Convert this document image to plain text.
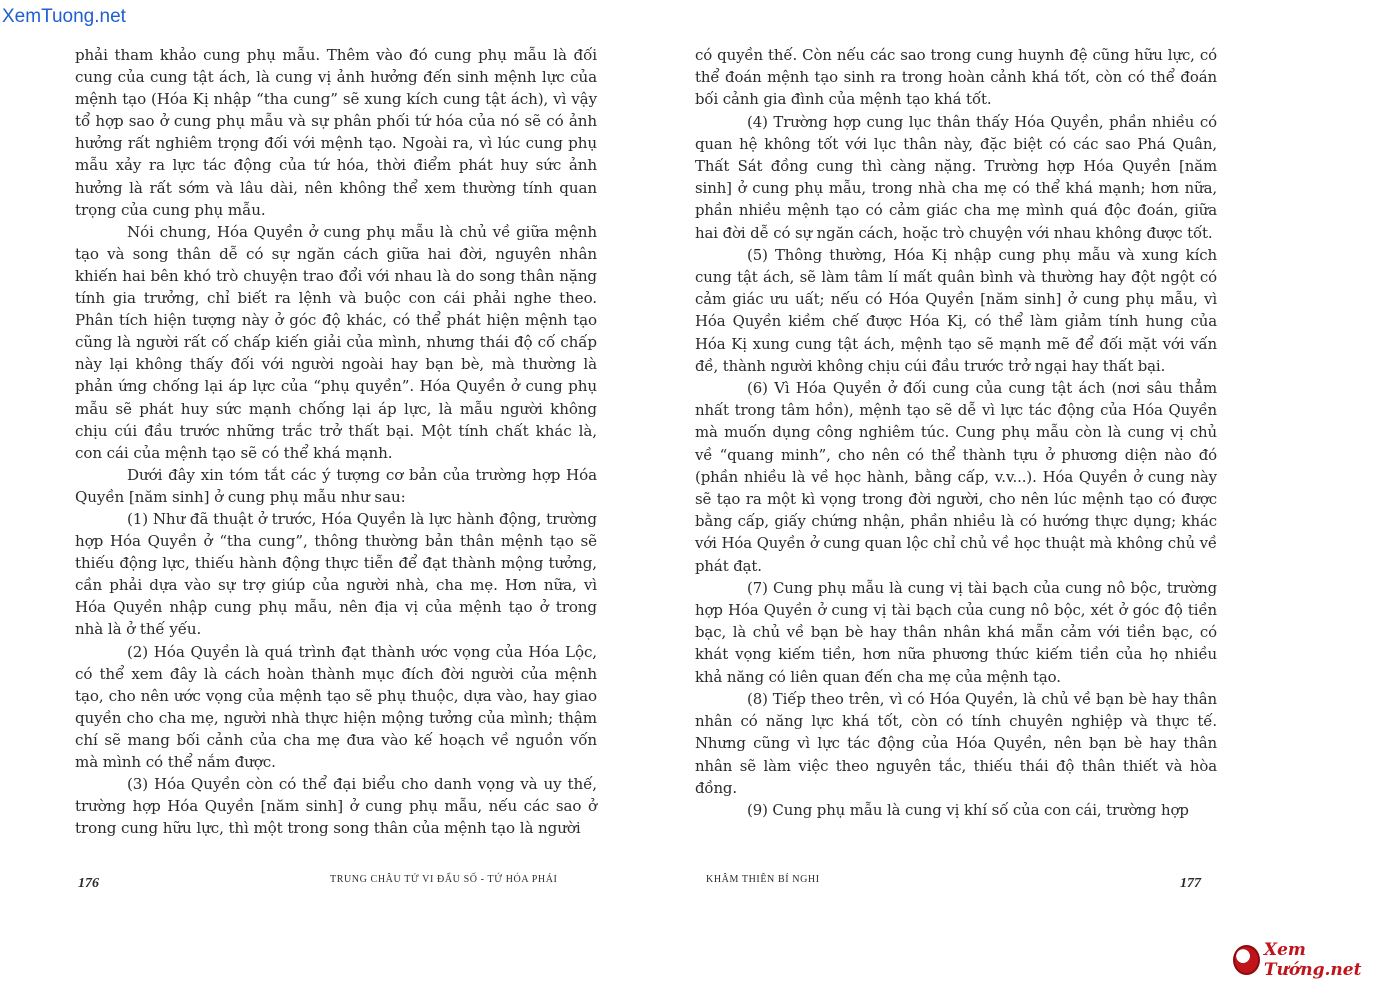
XemTuong.net

phải tham khảo cung phụ mẫu. Thêm vào đó cung phụ mẫu là đối cung của cung tật ách, là cung vị ảnh hưởng đến sinh mệnh lực của mệnh tạo (Hóa Kị nhập “tha cung” sẽ xung kích cung tật ách), vì vậy tổ hợp sao ở cung phụ mẫu và sự phân phối tứ hóa của nó sẽ có ảnh hưởng rất nghiêm trọng đối với mệnh tạo. Ngoài ra, vì lúc cung phụ mẫu xảy ra lực tác động của tứ hóa, thời điểm phát huy sức ảnh hưởng là rất sớm và lâu dài, nên không thể xem thường tính quan trọng của cung phụ mẫu.

Nói chung, Hóa Quyền ở cung phụ mẫu là chủ về giữa mệnh tạo và song thân dễ có sự ngăn cách giữa hai đời, nguyên nhân khiến hai bên khó trò chuyện trao đổi với nhau là do song thân nặng tính gia trưởng, chỉ biết ra lệnh và buộc con cái phải nghe theo. Phân tích hiện tượng này ở góc độ khác, có thể phát hiện mệnh tạo cũng là người rất cố chấp kiến giải của mình, nhưng thái độ cố chấp này lại không thấy đối với người ngoài hay bạn bè, mà thường là phản ứng chống lại áp lực của “phụ quyền”. Hóa Quyền ở cung phụ mẫu sẽ phát huy sức mạnh chống lại áp lực, là mẫu người không chịu cúi đầu trước những trắc trở thất bại. Một tính chất khác là, con cái của mệnh tạo sẽ có thể khá mạnh.

Dưới đây xin tóm tắt các ý tượng cơ bản của trường hợp Hóa Quyền [năm sinh] ở cung phụ mẫu như sau:

(1) Như đã thuật ở trước, Hóa Quyền là lực hành động, trường hợp Hóa Quyền ở “tha cung”, thông thường bản thân mệnh tạo sẽ thiếu động lực, thiếu hành động thực tiễn để đạt thành mộng tưởng, cần phải dựa vào sự trợ giúp của người nhà, cha mẹ. Hơn nữa, vì Hóa Quyền nhập cung phụ mẫu, nên địa vị của mệnh tạo ở trong nhà là ở thế yếu.

(2) Hóa Quyền là quá trình đạt thành ước vọng của Hóa Lộc, có thể xem đây là cách hoàn thành mục đích đời người của mệnh tạo, cho nên ước vọng của mệnh tạo sẽ phụ thuộc, dựa vào, hay giao quyền cho cha mẹ, người nhà thực hiện mộng tưởng của mình; thậm chí sẽ mang bối cảnh của cha mẹ đưa vào kế hoạch về nguồn vốn mà mình có thể nắm được.

(3) Hóa Quyền còn có thể đại biểu cho danh vọng và uy thế, trường hợp Hóa Quyền [năm sinh] ở cung phụ mẫu, nếu các sao ở trong cung hữu lực, thì một trong song thân của mệnh tạo là người

176	TRUNG CHÂU TỬ VI ĐẨU SỐ - TỨ HÓA PHÁI

có quyền thế. Còn nếu các sao trong cung huynh đệ cũng hữu lực, có thể đoán mệnh tạo sinh ra trong hoàn cảnh khá tốt, còn có thể đoán bối cảnh gia đình của mệnh tạo khá tốt.

(4) Trường hợp cung lục thân thấy Hóa Quyền, phần nhiều có quan hệ không tốt với lục thân này, đặc biệt có các sao Phá Quân, Thất Sát đồng cung thì càng nặng. Trường hợp Hóa Quyền [năm sinh] ở cung phụ mẫu, trong nhà cha mẹ có thể khá mạnh; hơn nữa, phần nhiều mệnh tạo có cảm giác cha mẹ mình quá độc đoán, giữa hai đời dễ có sự ngăn cách, hoặc trò chuyện với nhau không được tốt.

(5) Thông thường, Hóa Kị nhập cung phụ mẫu và xung kích cung tật ách, sẽ làm tâm lí mất quân bình và thường hay đột ngột có cảm giác ưu uất; nếu có Hóa Quyền [năm sinh] ở cung phụ mẫu, vì Hóa Quyền kiềm chế được Hóa Kị, có thể làm giảm tính hung của Hóa Kị xung cung tật ách, mệnh tạo sẽ mạnh mẽ để đối mặt với vấn đề, thành người không chịu cúi đầu trước trở ngại hay thất bại.

(6) Vì Hóa Quyền ở đối cung của cung tật ách (nơi sâu thẳm nhất trong tâm hồn), mệnh tạo sẽ dễ vì lực tác động của Hóa Quyền mà muốn dụng công nghiêm túc. Cung phụ mẫu còn là cung vị chủ về “quang minh”, cho nên có thể thành tựu ở phương diện nào đó (phần nhiều là về học hành, bằng cấp, v.v...). Hóa Quyền ở cung này sẽ tạo ra một kì vọng trong đời người, cho nên lúc mệnh tạo có được bằng cấp, giấy chứng nhận, phần nhiều là có hướng thực dụng; khác với Hóa Quyền ở cung quan lộc chỉ chủ về học thuật mà không chủ về phát đạt.

(7) Cung phụ mẫu là cung vị tài bạch của cung nô bộc, trường hợp Hóa Quyền ở cung vị tài bạch của cung nô bộc, xét ở góc độ tiền bạc, là chủ về bạn bè hay thân nhân khá mẫn cảm với tiền bạc, có khát vọng kiếm tiền, hơn nữa phương thức kiếm tiền của họ nhiều khả năng có liên quan đến cha mẹ của mệnh tạo.

(8) Tiếp theo trên, vì có Hóa Quyền, là chủ về bạn bè hay thân nhân có năng lực khá tốt, còn có tính chuyên nghiệp và thực tế. Nhưng cũng vì lực tác động của Hóa Quyền, nên bạn bè hay thân nhân sẽ làm việc theo nguyên tắc, thiếu thái độ thân thiết và hòa đồng.

(9) Cung phụ mẫu là cung vị khí số của con cái, trường hợp

KHÂM THIÊN BÍ NGHI	177
Xem Tướng.net
